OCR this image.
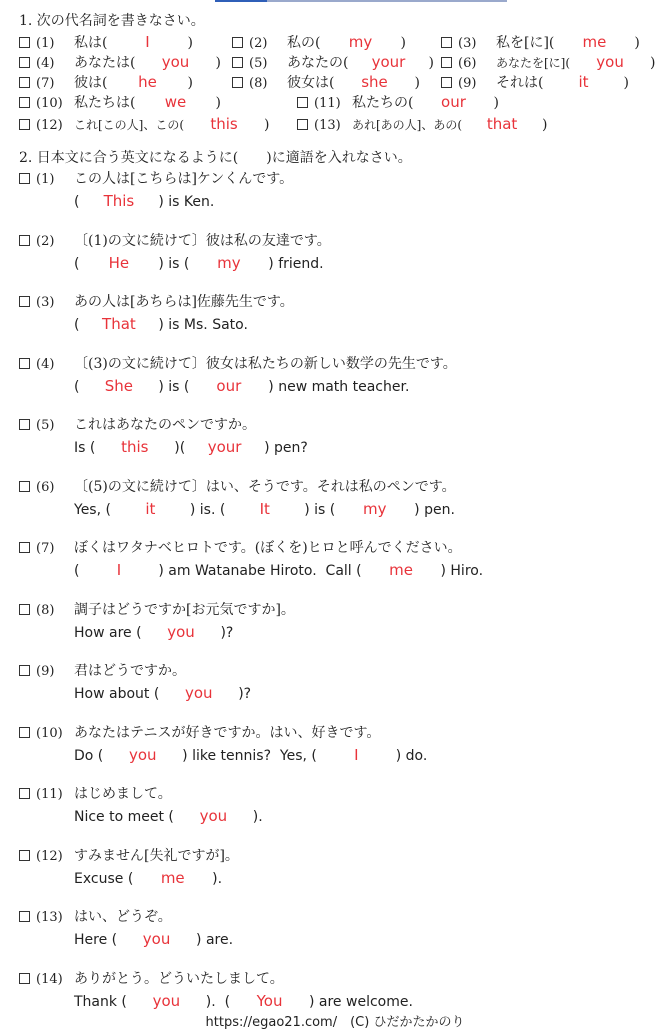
1. 次の代名詞を書きなさい。
(1) 私は(	I	)	(2) 私の( my )	(3) 私を[に]( me )
(4) あなたは( you )	(5) あなたの( your )	(6) あなたを[に]( you )
(7) 彼は( he )	(8) 彼女は( she )	(9) それは( it )
(10) 私たちは( we )	(11) 私たちの( our )
(12) これ[この人]、この( this )	(13) あれ[あの人]、あの( that )
2. 日本文に合う英文になるように(　　)に適語を入れなさい。
(1) この人は[こちらは]ケンくんです。
( This ) is Ken.
(2) 〔(1)の文に続けて〕彼は私の友達です。
( He ) is ( my ) friend.
(3) あの人は[あちらは]佐藤先生です。
( That ) is Ms. Sato.
(4) 〔(3)の文に続けて〕彼女は私たちの新しい数学の先生です。
( She ) is ( our ) new math teacher.
(5) これはあなたのペンですか。
Is ( this )( your ) pen?
(6) 〔(5)の文に続けて〕はい、そうです。それは私のペンです。
Yes, ( it ) is. ( It ) is ( my ) pen.
(7) ぼくはワタナベヒロトです。(ぼくを)ヒロと呼んでください。
( I ) am Watanabe Hiroto.  Call ( me ) Hiro.
(8) 調子はどうですか[お元気ですか]。
How are ( you )?
(9) 君はどうですか。
How about ( you )?
(10) あなたはテニスが好きですか。はい、好きです。
Do ( you ) like tennis?  Yes, ( I ) do.
(11) はじめまして。
Nice to meet ( you ).
(12) すみません[失礼ですが]。
Excuse ( me ).
(13) はい、どうぞ。
Here ( you ) are.
(14) ありがとう。どういたしまして。
Thank ( you ).  ( You ) are welcome.
https://egao21.com/　(C) ひだかたかのり
